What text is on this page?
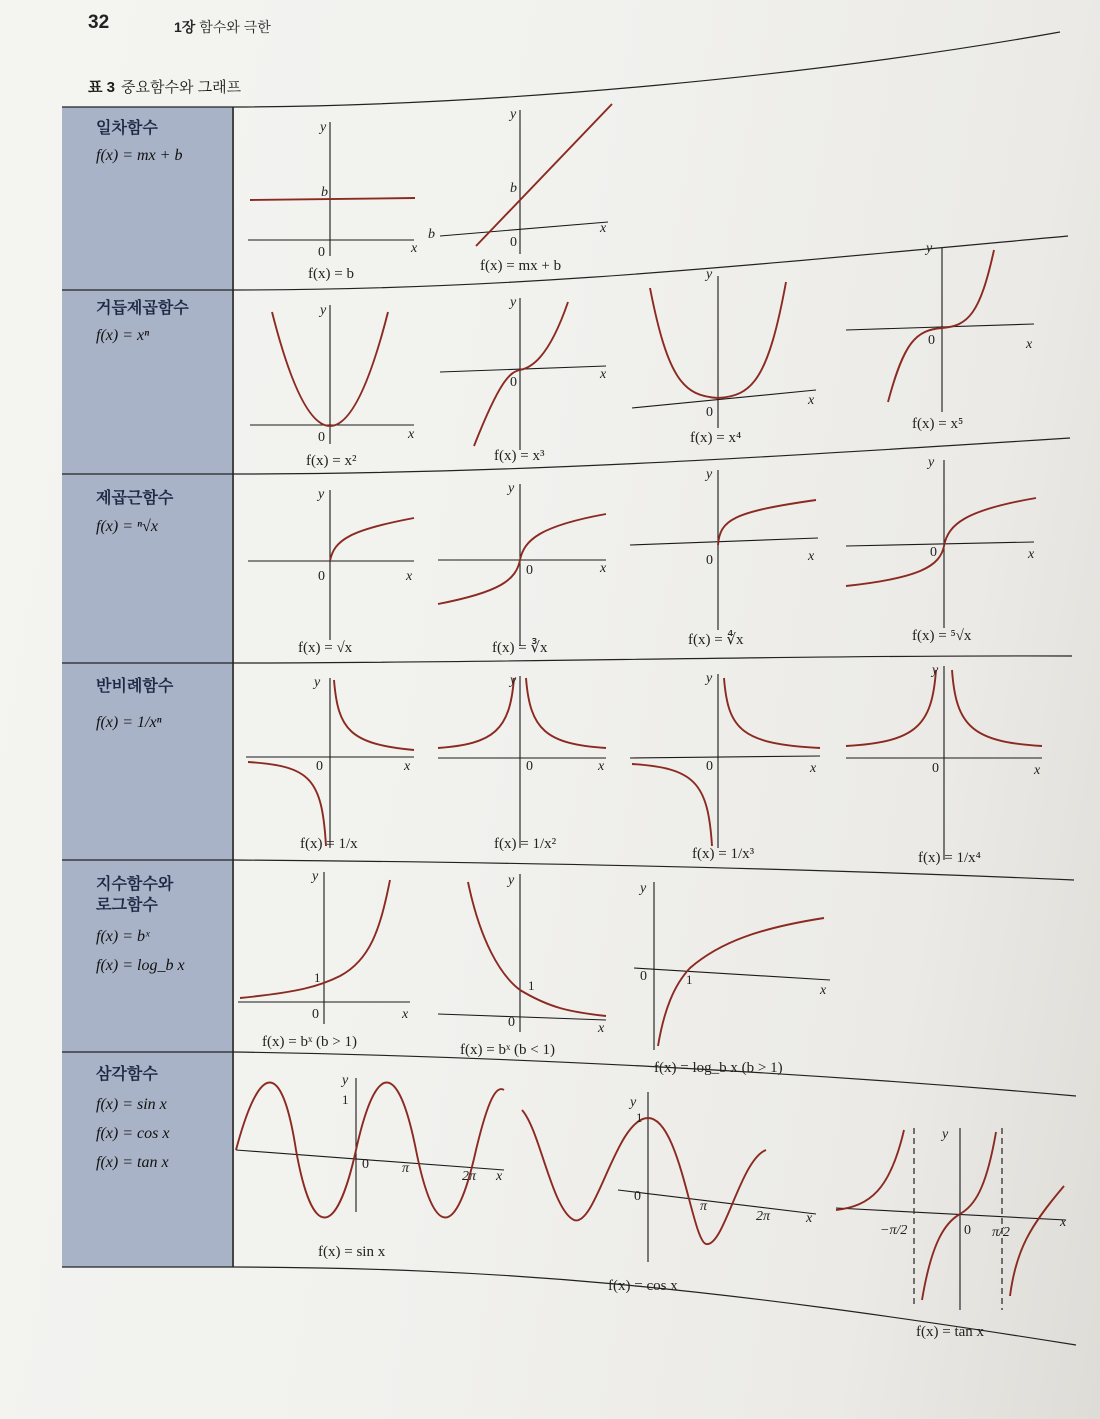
32	1장 함수와 극한
표 3 중요함수와 그래프
일차함수
f(x) = mx + b
거듭제곱함수
f(x) = xⁿ
제곱근함수
f(x) = ⁿ√x
반비례함수
f(x) = 1/xⁿ
지수함수와 로그함수
f(x) = bˣ
f(x) = log_b x
삼각함수
f(x) = sin x
f(x) = cos x
f(x) = tan x
x
y
b
0
f(x) = b
x
y
b
b
0
f(x) = mx + b
x
y
0
f(x) = x²
x
y
0
f(x) = x³
x
y
0
f(x) = x⁴
x
y
0
f(x) = x⁵
x
y
0
f(x) = √x
x
y
0
f(x) = ∛x
x
y
0
f(x) = ∜x
x
y
0
f(x) = ⁵√x
x
y
0
f(x) = 1/x
x
y
0
f(x) = 1/x²
x
y
0
f(x) = 1/x³
x
y
0
f(x) = 1/x⁴
x
y
1
0
f(x) = bˣ (b > 1)
x
y
1
0
f(x) = bˣ (b < 1)
x
y
1
0
f(x) = log_b x (b > 1)
x
y
1
0 π
2π
f(x) = sin x
x
y
1
0
π
2π
f(x) = cos x
x
y
0
−π/2	π/2
f(x) = tan x
